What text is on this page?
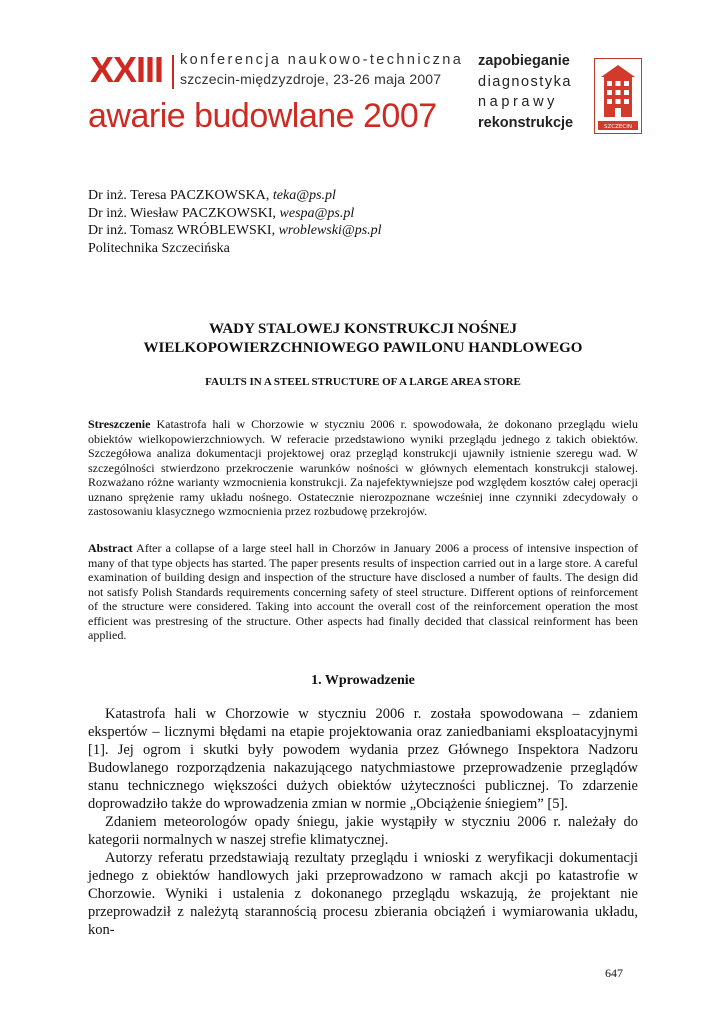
XXIII konferencja naukowo-techniczna
szczecin-międzyzdroje, 23-26 maja 2007
awarie budowlane 2007
zapobieganie
diagnostyka
naprawy
rekonstrukcje	SZCZECIN
Dr inż. Teresa PACZKOWSKA, teka@ps.pl
Dr inż. Wiesław PACZKOWSKI, wespa@ps.pl
Dr inż. Tomasz WRÓBLEWSKI, wroblewski@ps.pl
Politechnika Szczecińska
WADY STALOWEJ KONSTRUKCJI NOŚNEJ
WIELKOPOWIERZCHNIOWEGO PAWILONU HANDLOWEGO
FAULTS IN A STEEL STRUCTURE OF A LARGE AREA STORE
Streszczenie Katastrofa hali w Chorzowie w styczniu 2006 r. spowodowała, że dokonano przeglądu wielu obiektów wielkopowierzchniowych. W referacie przedstawiono wyniki przeglądu jednego z takich obiektów. Szczegółowa analiza dokumentacji projektowej oraz przegląd konstrukcji ujawniły istnienie szeregu wad. W szczególności stwierdzono przekroczenie warunków nośności w głównych elementach konstrukcji stalowej. Rozważano różne warianty wzmocnienia konstrukcji. Za najefektywniejsze pod względem kosztów całej operacji uznano sprężenie ramy układu nośnego. Ostatecznie nierozpoznane wcześniej inne czynniki zdecydowały o zastosowaniu klasycznego wzmocnienia przez rozbudowę przekrojów.
Abstract After a collapse of a large steel hall in Chorzów in January 2006 a process of intensive inspection of many of that type objects has started. The paper presents results of inspection carried out in a large store. A careful examination of building design and inspection of the structure have disclosed a number of faults. The design did not satisfy Polish Standards requirements concerning safety of steel structure. Different options of reinforcement of the structure were considered. Taking into account the overall cost of the reinforcement operation the most efficient was prestresing of the structure. Other aspects had finally decided that classical reinforment has been applied.
1. Wprowadzenie

Katastrofa hali w Chorzowie w styczniu 2006 r. została spowodowana – zdaniem ekspertów – licznymi błędami na etapie projektowania oraz zaniedbaniami eksploatacyjnymi [1]. Jej ogrom i skutki były powodem wydania przez Głównego Inspektora Nadzoru Budowlanego rozporządzenia nakazującego natychmiastowe przeprowadzenie przeglądów stanu technicznego większości dużych obiektów użyteczności publicznej. To zdarzenie doprowadziło także do wprowadzenia zmian w normie „Obciążenie śniegiem” [5].

Zdaniem meteorologów opady śniegu, jakie wystąpiły w styczniu 2006 r. należały do kategorii normalnych w naszej strefie klimatycznej.

Autorzy referatu przedstawiają rezultaty przeglądu i wnioski z weryfikacji dokumentacji jednego z obiektów handlowych jaki przeprowadzono w ramach akcji po katastrofie w Chorzowie. Wyniki i ustalenia z dokonanego przeglądu wskazują, że projektant nie przeprowadził z należytą starannością procesu zbierania obciążeń i wymiarowania układu, kon-

647
